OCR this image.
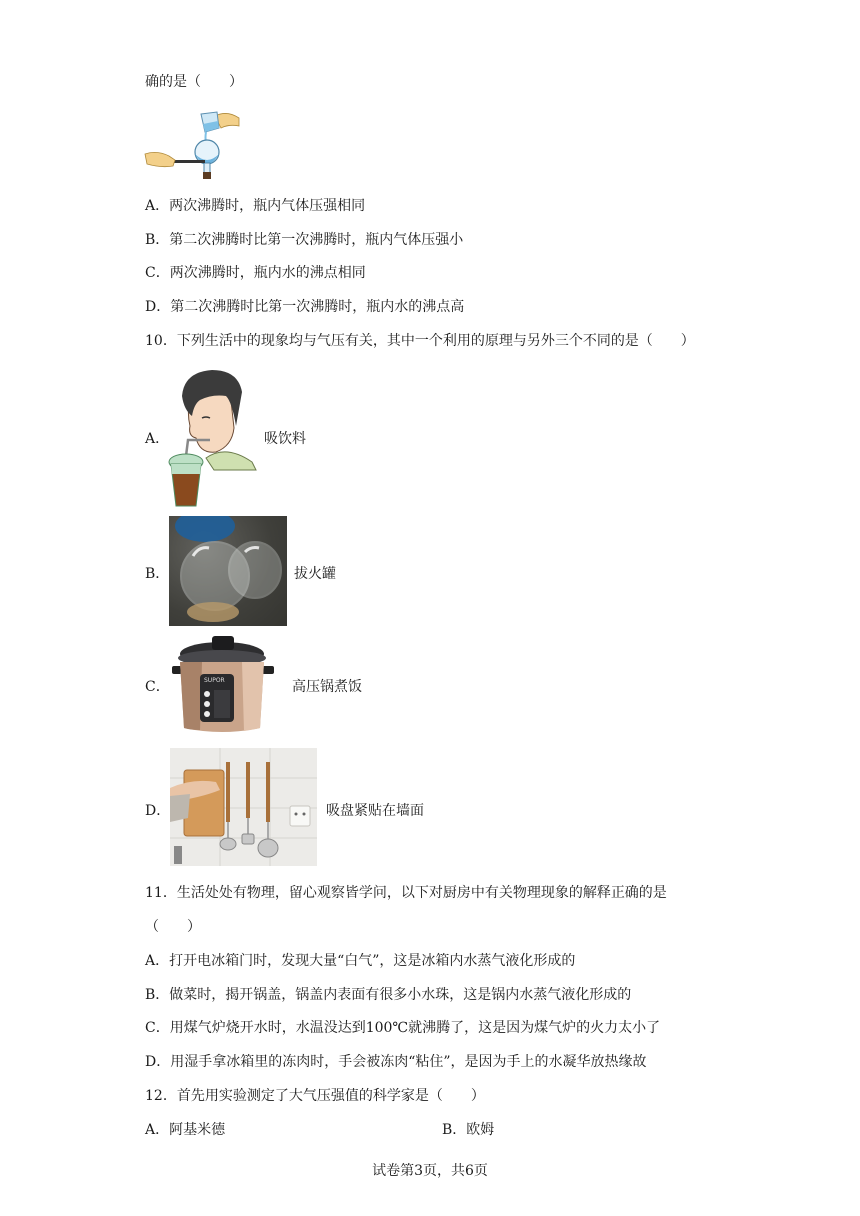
确的是（　　）
A．两次沸腾时，瓶内气体压强相同
B．第二次沸腾时比第一次沸腾时，瓶内气体压强小
C．两次沸腾时，瓶内水的沸点相同
D．第二次沸腾时比第一次沸腾时，瓶内水的沸点高
10．下列生活中的现象均与气压有关，其中一个利用的原理与另外三个不同的是（　　）
A．	吸饮料
B．	拔火罐
C．	SUPOR	高压锅煮饭
D．	吸盘紧贴在墙面
11．生活处处有物理，留心观察皆学问，以下对厨房中有关物理现象的解释正确的是
（　　）
A．打开电冰箱门时，发现大量“白气”，这是冰箱内水蒸气液化形成的
B．做菜时，揭开锅盖，锅盖内表面有很多小水珠，这是锅内水蒸气液化形成的
C．用煤气炉烧开水时，水温没达到100℃就沸腾了，这是因为煤气炉的火力太小了
D．用湿手拿冰箱里的冻肉时，手会被冻肉“粘住”，是因为手上的水凝华放热缘故
12．首先用实验测定了大气压强值的科学家是（　　）
A．阿基米德	B．欧姆
试卷第3页，共6页
